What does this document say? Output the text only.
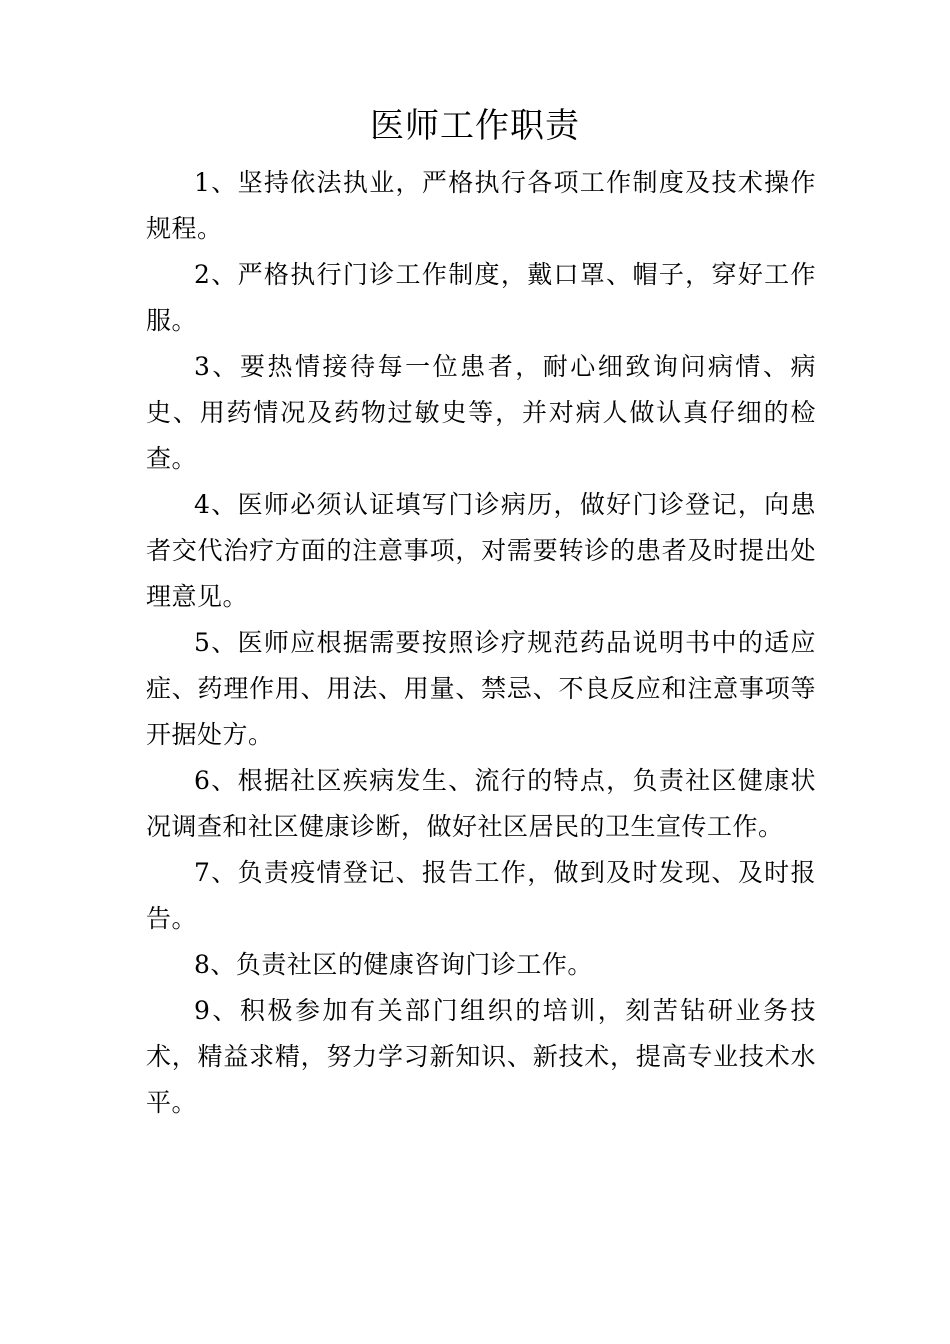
医师工作职责

1、坚持依法执业，严格执行各项工作制度及技术操作规程。

2、严格执行门诊工作制度，戴口罩、帽子，穿好工作服。

3、要热情接待每一位患者，耐心细致询问病情、病史、用药情况及药物过敏史等，并对病人做认真仔细的检查。

4、医师必须认证填写门诊病历，做好门诊登记，向患者交代治疗方面的注意事项，对需要转诊的患者及时提出处理意见。

5、医师应根据需要按照诊疗规范药品说明书中的适应症、药理作用、用法、用量、禁忌、不良反应和注意事项等开据处方。

6、根据社区疾病发生、流行的特点，负责社区健康状况调查和社区健康诊断，做好社区居民的卫生宣传工作。

7、负责疫情登记、报告工作，做到及时发现、及时报告。

8、负责社区的健康咨询门诊工作。

9、积极参加有关部门组织的培训，刻苦钻研业务技术，精益求精，努力学习新知识、新技术，提高专业技术水平。
